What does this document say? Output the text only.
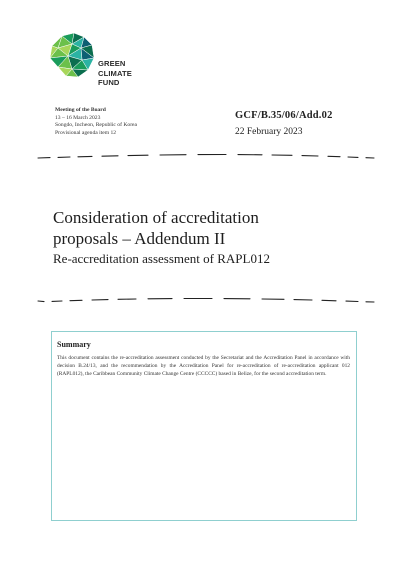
GREEN
CLIMATE
FUND
Meeting of the Board
13 – 16 March 2023
Songdo, Incheon, Republic of Korea
Provisional agenda item 12
GCF/B.35/06/Add.02
22 February 2023
Consideration of accreditation
proposals – Addendum II
Re-accreditation assessment of RAPL012
Summary
This document contains the re-accreditation assessment conducted by the Secretariat and the Accreditation Panel in accordance with decision B.24/13, and the recommendation by the Accreditation Panel for re-accreditation of re-accreditation applicant 012 (RAPL012), the Caribbean Community Climate Change Centre (CCCCC) based in Belize, for the second accreditation term.
